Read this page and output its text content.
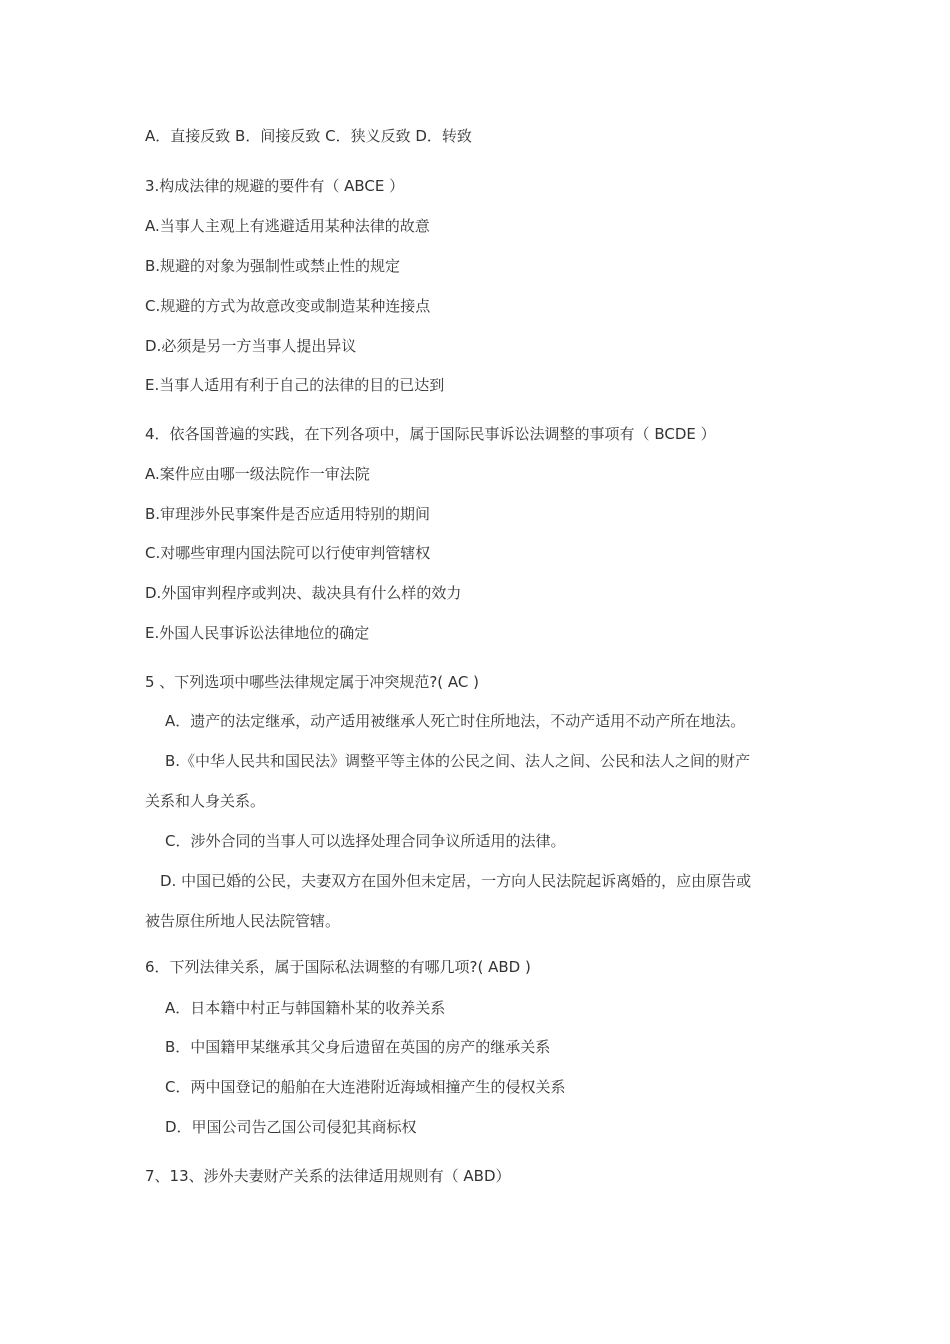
A．直接反致 B．间接反致 C．狭义反致 D．转致
3.构成法律的规避的要件有（ ABCE ）
A.当事人主观上有逃避适用某种法律的故意
B.规避的对象为强制性或禁止性的规定
C.规避的方式为故意改变或制造某种连接点
D.必须是另一方当事人提出异议
E.当事人适用有利于自己的法律的目的已达到
4．依各国普遍的实践，在下列各项中，属于国际民事诉讼法调整的事项有（ BCDE ）
A.案件应由哪一级法院作一审法院
B.审理涉外民事案件是否应适用特别的期间
C.对哪些审理内国法院可以行使审判管辖权
D.外国审判程序或判决、裁决具有什么样的效力
E.外国人民事诉讼法律地位的确定
5 、下列选项中哪些法律规定属于冲突规范?( AC )
A．遗产的法定继承，动产适用被继承人死亡时住所地法，不动产适用不动产所在地法。
B.《中华人民共和国民法》调整平等主体的公民之间、法人之间、公民和法人之间的财产
关系和人身关系。
C．涉外合同的当事人可以选择处理合同争议所适用的法律。
D. 中国已婚的公民，夫妻双方在国外但未定居，一方向人民法院起诉离婚的，应由原告或
被告原住所地人民法院管辖。
6．下列法律关系，属于国际私法调整的有哪几项?( ABD )
A．日本籍中村正与韩国籍朴某的收养关系
B．中国籍甲某继承其父身后遗留在英国的房产的继承关系
C．两中国登记的船舶在大连港附近海域相撞产生的侵权关系
D．甲国公司告乙国公司侵犯其商标权
7、13、涉外夫妻财产关系的法律适用规则有（ ABD）
